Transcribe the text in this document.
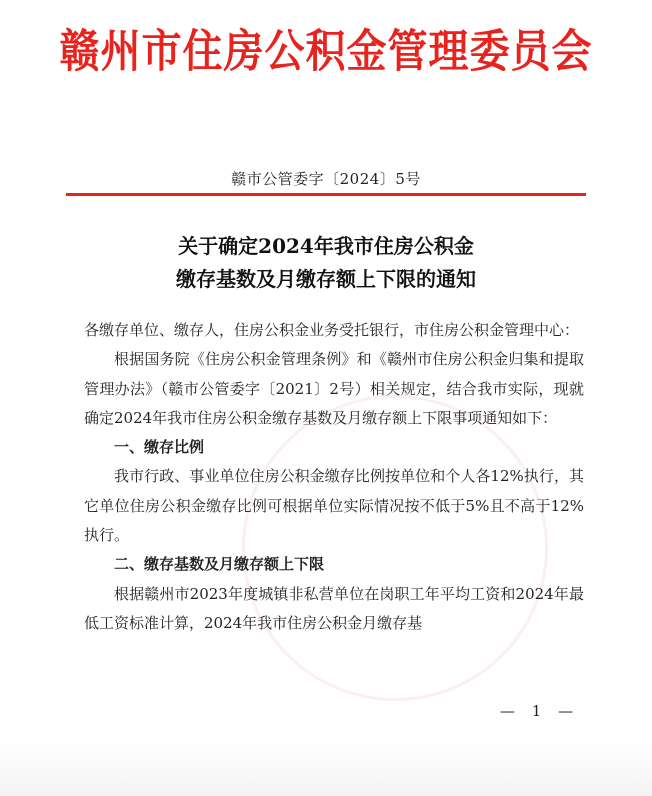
赣州市住房公积金管理委员会
赣市公管委字〔2024〕5号
关于确定2024年我市住房公积金
缴存基数及月缴存额上下限的通知

各缴存单位、缴存人，住房公积金业务受托银行，市住房公积金管理中心：

根据国务院《住房公积金管理条例》和《赣州市住房公积金归集和提取管理办法》（赣市公管委字〔2021〕2号）相关规定，结合我市实际，现就确定2024年我市住房公积金缴存基数及月缴存额上下限事项通知如下：

一、缴存比例

我市行政、事业单位住房公积金缴存比例按单位和个人各12%执行，其它单位住房公积金缴存比例可根据单位实际情况按不低于5%且不高于12%执行。

二、缴存基数及月缴存额上下限

根据赣州市2023年度城镇非私营单位在岗职工年平均工资和2024年最低工资标准计算，2024年我市住房公积金月缴存基

— 1 —
